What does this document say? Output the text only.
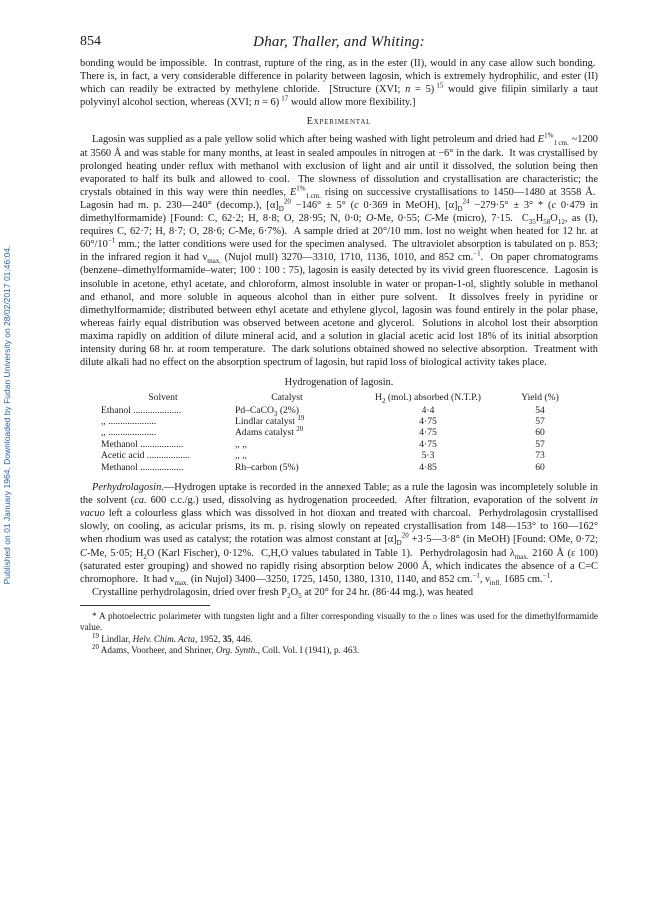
Published on 01 January 1964. Downloaded by Fudan University on 28/02/2017 01:46:04.
854	Dhar, Thaller, and Whiting:

bonding would be impossible.  In contrast, rupture of the ring, as in the ester (II), would in any case allow such bonding.  There is, in fact, a very considerable difference in polarity between lagosin, which is extremely hydrophilic, and ester (II) which can readily be extracted by methylene chloride.  [Structure (XVI; n = 5) $^{15}$ would give filipin similarly a taut polyvinyl alcohol section, whereas (XVI; n = 6) $^{17}$ would allow more flexibility.]

Experimental

Lagosin was supplied as a pale yellow solid which after being washed with light petroleum and dried had $E^{1\%}_{1 cm.}$ ~1200 at 3560 Å and was stable for many months, at least in sealed ampoules in nitrogen at −6° in the dark.  It was crystallised by prolonged heating under reflux with methanol with exclusion of light and air until it dissolved, the solution being then evaporated to half its bulk and allowed to cool.  The slowness of dissolution and crystallisation are characteristic; the crystals obtained in this way were thin needles, $E^{1\%}_{1 cm.}$ rising on successive crystallisations to 1450—1480 at 3558 Å.  Lagosin had m. p. 230—240° (decomp.), $[\alpha]_D^{20} -146^\circ \pm 5^\circ$ (c 0·369 in MeOH), $[\alpha]_D^{24} -279\cdot 5^\circ \pm 3^\circ * (c$ 0·479 in dimethylformamide) [Found: C, 62·2; H, 8·8; O, 28·95; N, 0·0; O-Me, 0·55; C-Me (micro), 7·15.  $C_{35}H_{58}O_{12}$, as (I), requires C, 62·7; H, 8·7; O, 28·6; C-Me, 6·7%).  A sample dried at 20°/10 mm. lost no weight when heated for 12 hr. at $60^\circ/10^{-1}$ mm.; the latter conditions were used for the specimen analysed.  The ultraviolet absorption is tabulated on p. 853; in the infrared region it had $\nu_{max.}$ (Nujol mull) 3270—3310, 1710, 1136, 1010, and 852 cm.$^{-1}$.  On paper chromatograms (benzene–dimethylformamide–water; 100 : 100 : 75), lagosin is easily detected by its vivid green fluorescence.  Lagosin is insoluble in acetone, ethyl acetate, and chloroform, almost insoluble in water or propan-1-ol, slightly soluble in methanol and ethanol, and more soluble in aqueous alcohol than in either pure solvent.  It dissolves freely in pyridine or dimethylformamide; distributed between ethyl acetate and ethylene glycol, lagosin was found entirely in the polar phase, whereas fairly equal distribution was observed between acetone and glycerol.  Solutions in alcohol lost their absorption maxima rapidly on addition of dilute mineral acid, and a solution in glacial acetic acid lost 18% of its initial absorption intensity during 68 hr. at room temperature.  The dark solutions obtained showed no selective absorption.  Treatment with dilute alkali had no effect on the absorption spectrum of lagosin, but rapid loss of biological activity takes place.

Hydrogenation of lagosin.
Solvent	Catalyst	$H_2$ (mol.) absorbed (N.T.P.)	Yield (%)
Ethanol ....................	Pd–CaCO$_3$ (2%)	4·4	54
,, ....................	Lindlar catalyst $^{19}$	4·75	57
,, ....................	Adams catalyst $^{20}$	4·75	60
Methanol ..................	,, ,,	4·75	57
Acetic acid ..................	,, ,,	5·3	73
Methanol ..................	Rh–carbon (5%)	4·85	60

Perhydrolagosin.—Hydrogen uptake is recorded in the annexed Table; as a rule the lagosin was incompletely soluble in the solvent (ca. 600 c.c./g.) used, dissolving as hydrogenation proceeded.  After filtration, evaporation of the solvent in vacuo left a colourless glass which was dissolved in hot dioxan and treated with charcoal.  Perhydrolagosin crystallised slowly, on cooling, as acicular prisms, its m. p. rising slowly on repeated crystallisation from 148—153° to 160—162° when rhodium was used as catalyst; the rotation was almost constant at $[\alpha]_D^{20}$ +3·5—3·8° (in MeOH) [Found: OMe, 0·72; C-Me, 5·05; $H_2O$ (Karl Fischer), 0·12%.  C,H,O values tabulated in Table 1).  Perhydrolagosin had $\lambda_{max.}$ 2160 Å (ε 100) (saturated ester grouping) and showed no rapidly rising absorption below 2000 Å, which indicates the absence of a C=C chromophore.  It had $\nu_{max.}$ (in Nujol) 3400—3250, 1725, 1450, 1380, 1310, 1140, and 852 cm.$^{-1}$, $\nu_{infl.}$ 1685 cm.$^{-1}$.

Crystalline perhydrolagosin, dried over fresh $P_2O_5$ at 20° for 24 hr. (86·44 mg.), was heated

* A photoelectric polarimeter with tungsten light and a filter corresponding visually to the d lines was used for the dimethylformamide value.

$^{19}$ Lindlar, Helv. Chim. Acta, 1952, 35, 446.

$^{20}$ Adams, Voorheer, and Shriner, Org. Synth., Coll. Vol. I (1941), p. 463.
